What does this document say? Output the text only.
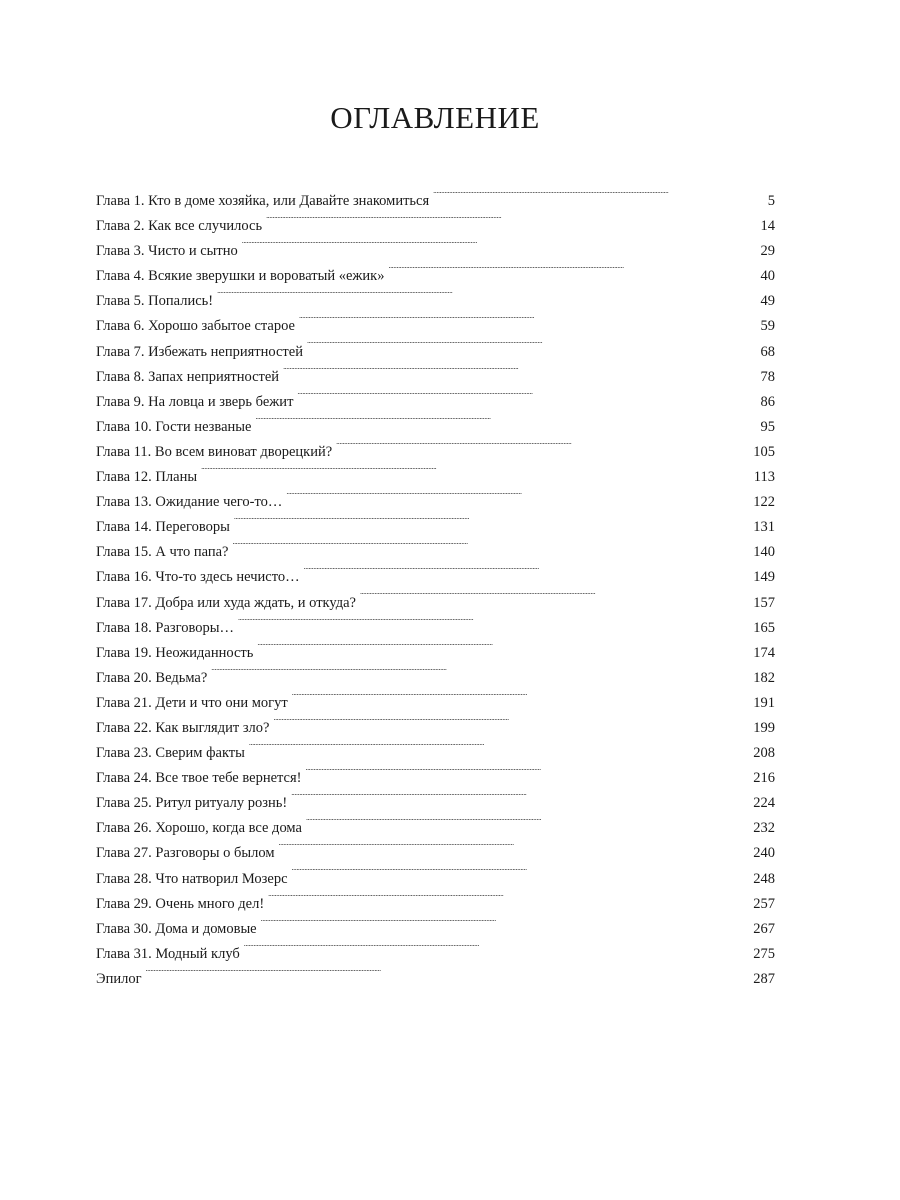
ОГЛАВЛЕНИЕ
Глава 1. Кто в доме хозяйка, или Давайте знакомиться . . .	5
Глава 2. Как все случилось . . .	14
Глава 3. Чисто и сытно . . .	29
Глава 4. Всякие зверушки и вороватый «ежик» . . .	40
Глава 5. Попались! . . .	49
Глава 6. Хорошо забытое старое . . .	59
Глава 7. Избежать неприятностей . . .	68
Глава 8. Запах неприятностей . . .	78
Глава 9. На ловца и зверь бежит . . .	86
Глава 10. Гости незваные . . .	95
Глава 11. Во всем виноват дворецкий? . . .	105
Глава 12. Планы . . .	113
Глава 13. Ожидание чего-то… . . .	122
Глава 14. Переговоры . . .	131
Глава 15. А что папа? . . .	140
Глава 16. Что-то здесь нечисто… . . .	149
Глава 17. Добра или худа ждать, и откуда? . . .	157
Глава 18. Разговоры… . . .	165
Глава 19. Неожиданность . . .	174
Глава 20. Ведьма? . . .	182
Глава 21. Дети и что они могут . . .	191
Глава 22. Как выглядит зло? . . .	199
Глава 23. Сверим факты . . .	208
Глава 24. Все твое тебе вернется! . . .	216
Глава 25. Ритул ритуалу рознь! . . .	224
Глава 26. Хорошо, когда все дома . . .	232
Глава 27. Разговоры о былом . . .	240
Глава 28. Что натворил Мозерс . . .	248
Глава 29. Очень много дел! . . .	257
Глава 30. Дома и домовые . . .	267
Глава 31. Модный клуб . . .	275
Эпилог . . .	287
